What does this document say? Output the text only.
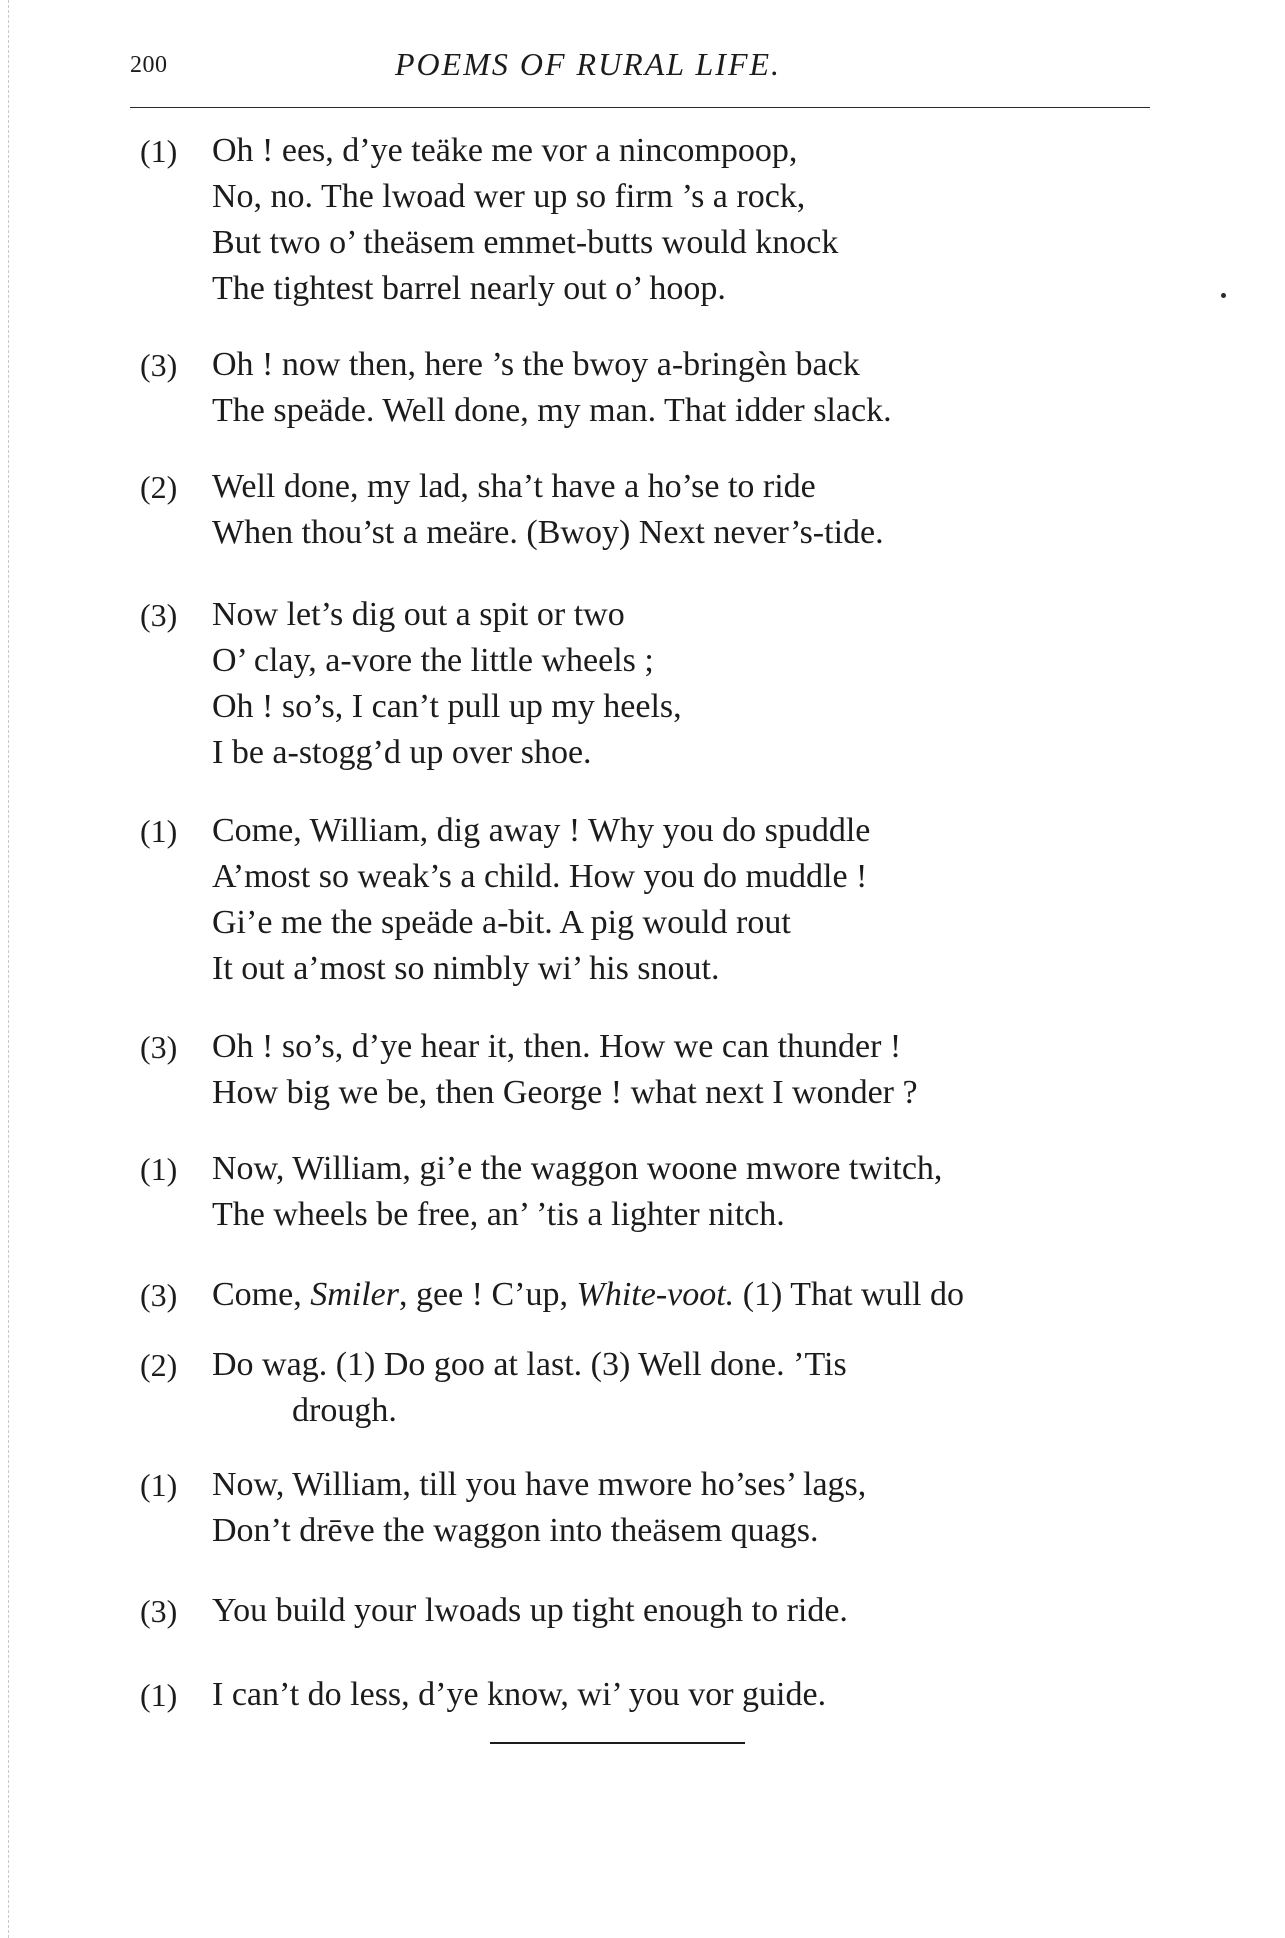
200	POEMS OF RURAL LIFE.
(1) Oh ! ees, d’ye teäke me vor a nincompoop,
No, no. The lwoad wer up so firm ’s a rock,
But two o’ theäsem emmet-butts would knock
The tightest barrel nearly out o’ hoop.
(3) Oh ! now then, here ’s the bwoy a-bringèn back
The speäde. Well done, my man. That idder slack.
(2) Well done, my lad, sha’t have a ho’se to ride
When thou’st a meäre. (Bwoy) Next never’s-tide.
(3) Now let’s dig out a spit or two
O’ clay, a-vore the little wheels ;
Oh ! so’s, I can’t pull up my heels,
I be a-stogg’d up over shoe.
(1) Come, William, dig away ! Why you do spuddle
A’most so weak’s a child. How you do muddle !
Gi’e me the speäde a-bit. A pig would rout
It out a’most so nimbly wi’ his snout.
(3) Oh ! so’s, d’ye hear it, then. How we can thunder !
How big we be, then George ! what next I wonder ?
(1) Now, William, gi’e the waggon woone mwore twitch,
The wheels be free, an’ ’tis a lighter nitch.
(3) Come, Smiler, gee ! C’up, White-voot. (1) That wull do
(2) Do wag. (1) Do goo at last. (3) Well done. ’Tis
drough.
(1) Now, William, till you have mwore ho’ses’ lags,
Don’t drēve the waggon into theäsem quags.
(3) You build your lwoads up tight enough to ride.
(1) I can’t do less, d’ye know, wi’ you vor guide.
